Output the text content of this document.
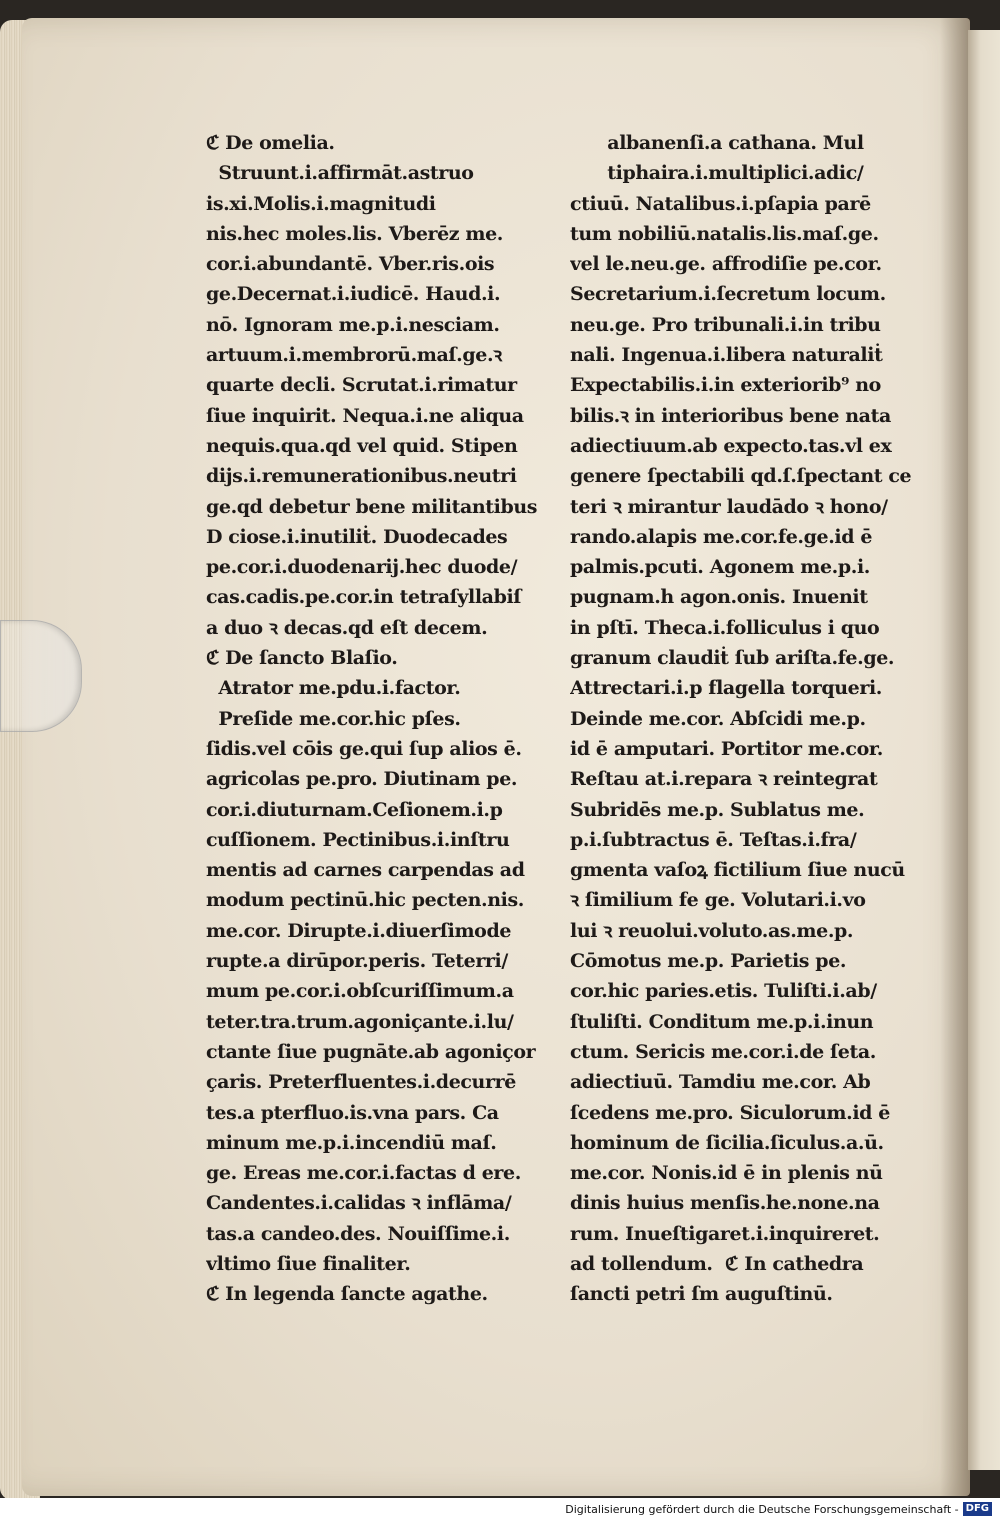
ℭ De omelia.
Struunt.i.affirmāt.astruo
is.xi.Molis.i.magnitudi
nis.hec moles.lis. Vberēz me.
cor.i.abundantē. Vber.ris.ois
ge.Decernat.i.iudicē. Haud.i.
nō. Ignoram me.p.i.nesciam.
artuum.i.membrorū.maſ.ge.ꝛ
quarte decli. Scrutat.i.rimatur
ſiue inquirit. Nequa.i.ne aliqua
nequis.qua.qd vel quid. Stipen
dijs.i.remunerationibus.neutri
ge.qd debetur bene militantibus
D ciose.i.inutiliṫ. Duodecades
pe.cor.i.duodenarij.hec duode/
cas.cadis.pe.cor.in tetraſyllabiſ
a duo ꝛ decas.qd eſt decem.
ℭ De ſancto Blaſio.
Atrator me.pdu.i.factor.
Preſide me.cor.hic pſes.
ſidis.vel cōis ge.qui ſup alios ē.
agricolas pe.pro. Diutinam pe.
cor.i.diuturnam.Ceſionem.i.p
cuſſionem. Pectinibus.i.inſtru
mentis ad carnes carpendas ad
modum pectinū.hic pecten.nis.
me.cor. Dirupte.i.diuerſimode
rupte.a dirūpor.peris. Teterri/
mum pe.cor.i.obſcuriſſimum.a
teter.tra.trum.agoniçante.i.lu/
ctante ſiue pugnāte.ab agoniçor
çaris. Preterfluentes.i.decurrē
tes.a pterfluo.is.vna pars. Ca
minum me.p.i.incendiū maſ.
ge. Ereas me.cor.i.factas d ere.
Candentes.i.calidas ꝛ inflāma/
tas.a candeo.des. Nouiſſime.i.
vltimo ſiue finaliter.
ℭ In legenda ſancte agathe.
albanenſi.a cathana. Mul
tiphaira.i.multiplici.adic/
ctiuū. Natalibus.i.pſapia parē
tum nobiliū.natalis.lis.maſ.ge.
vel le.neu.ge. affrodiſie pe.cor.
Secretarium.i.ſecretum locum.
neu.ge. Pro tribunali.i.in tribu
nali. Ingenua.i.libera naturaliṫ
Expectabilis.i.in exteriorib⁹ no
bilis.ꝛ in interioribus bene nata
adiectiuum.ab expecto.tas.vl ex
genere ſpectabili qd.ſ.ſpectant ce
teri ꝛ mirantur laudādo ꝛ hono/
rando.alapis me.cor.fe.ge.id ē
palmis.pcuti. Agonem me.p.i.
pugnam.h agon.onis. Inuenit
in pſtī. Theca.i.folliculus i quo
granum claudiṫ ſub ariſta.fe.ge.
Attrectari.i.p flagella torqueri.
Deinde me.cor. Abſcidi me.p.
id ē amputari. Portitor me.cor.
Reſtau at.i.repara ꝛ reintegrat
Subridēs me.p. Sublatus me.
p.i.ſubtractus ē. Teſtas.i.fra/
gmenta vaſoꝝ fictilium ſiue nucū
ꝛ ſimilium fe ge. Volutari.i.vo
lui ꝛ reuolui.voluto.as.me.p.
Cōmotus me.p. Parietis pe.
cor.hic paries.etis. Tuliſti.i.ab/
ſtuliſti. Conditum me.p.i.inun
ctum. Sericis me.cor.i.de ſeta.
adiectiuū. Tamdiu me.cor. Ab
ſcedens me.pro. Siculorum.id ē
hominum de ſicilia.ſiculus.a.ū.
me.cor. Nonis.id ē in plenis nū
dinis huius menſis.he.none.na
rum. Inueſtigaret.i.inquireret.
ad tollendum.  ℭ In cathedra
ſancti petri ſm auguſtinū.
Digitalisierung gefördert durch die Deutsche Forschungsgemeinschaft - DFG
